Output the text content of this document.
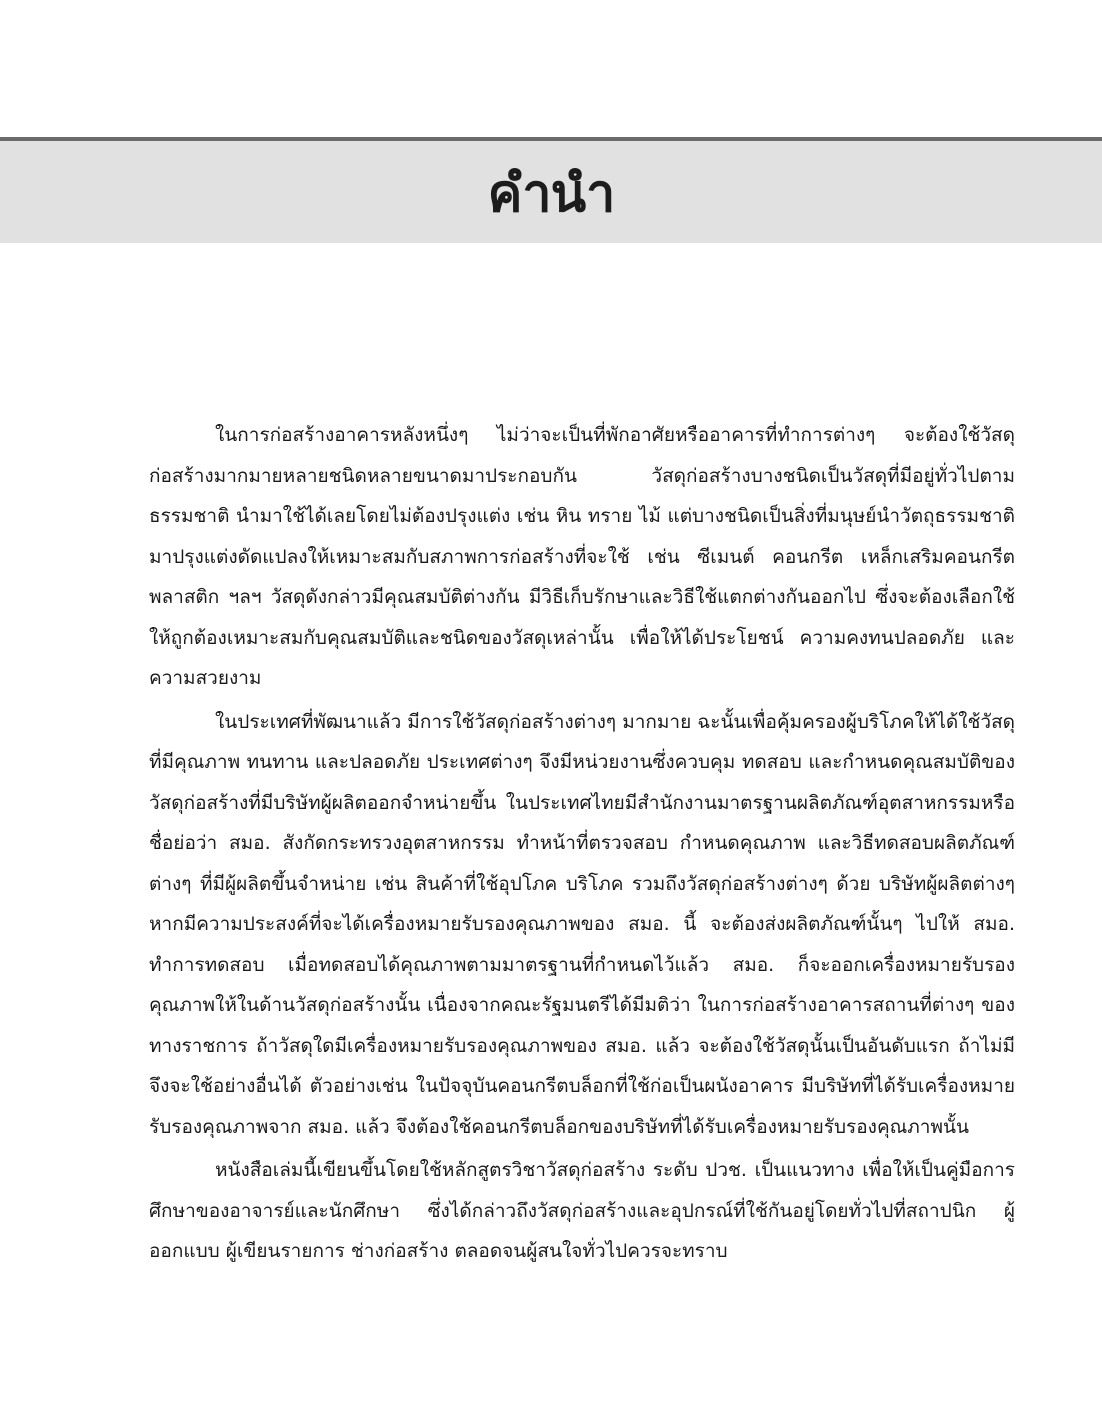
คำนำ

ในการก่อสร้างอาคารหลังหนึ่งๆ ไม่ว่าจะเป็นที่พักอาศัยหรืออาคารที่ทำการต่างๆ จะต้องใช้วัสดุก่อสร้างมากมายหลายชนิดหลายขนาดมาประกอบกัน วัสดุก่อสร้างบางชนิดเป็นวัสดุที่มีอยู่ทั่วไปตามธรรมชาติ นำมาใช้ได้เลยโดยไม่ต้องปรุงแต่ง เช่น หิน ทราย ไม้ แต่บางชนิดเป็นสิ่งที่มนุษย์นำวัตถุธรรมชาติมาปรุงแต่งดัดแปลงให้เหมาะสมกับสภาพการก่อสร้างที่จะใช้ เช่น ซีเมนต์ คอนกรีต เหล็กเสริมคอนกรีต พลาสติก ฯลฯ วัสดุดังกล่าวมีคุณสมบัติต่างกัน มีวิธีเก็บรักษาและวิธีใช้แตกต่างกันออกไป ซึ่งจะต้องเลือกใช้ให้ถูกต้องเหมาะสมกับคุณสมบัติและชนิดของวัสดุเหล่านั้น เพื่อให้ได้ประโยชน์ ความคงทนปลอดภัย และความสวยงาม

ในประเทศที่พัฒนาแล้ว มีการใช้วัสดุก่อสร้างต่างๆ มากมาย ฉะนั้นเพื่อคุ้มครองผู้บริโภคให้ได้ใช้วัสดุที่มีคุณภาพ ทนทาน และปลอดภัย ประเทศต่างๆ จึงมีหน่วยงานซึ่งควบคุม ทดสอบ และกำหนดคุณสมบัติของวัสดุก่อสร้างที่มีบริษัทผู้ผลิตออกจำหน่ายขึ้น ในประเทศไทยมีสำนักงานมาตรฐานผลิตภัณฑ์อุตสาหกรรมหรือชื่อย่อว่า สมอ. สังกัดกระทรวงอุตสาหกรรม ทำหน้าที่ตรวจสอบ กำหนดคุณภาพ และวิธีทดสอบผลิตภัณฑ์ต่างๆ ที่มีผู้ผลิตขึ้นจำหน่าย เช่น สินค้าที่ใช้อุปโภค บริโภค รวมถึงวัสดุก่อสร้างต่างๆ ด้วย บริษัทผู้ผลิตต่างๆ หากมีความประสงค์ที่จะได้เครื่องหมายรับรองคุณภาพของ สมอ. นี้ จะต้องส่งผลิตภัณฑ์นั้นๆ ไปให้ สมอ. ทำการทดสอบ เมื่อทดสอบได้คุณภาพตามมาตรฐานที่กำหนดไว้แล้ว สมอ. ก็จะออกเครื่องหมายรับรองคุณภาพให้ในด้านวัสดุก่อสร้างนั้น เนื่องจากคณะรัฐมนตรีได้มีมติว่า ในการก่อสร้างอาคารสถานที่ต่างๆ ของทางราชการ ถ้าวัสดุใดมีเครื่องหมายรับรองคุณภาพของ สมอ. แล้ว จะต้องใช้วัสดุนั้นเป็นอันดับแรก ถ้าไม่มีจึงจะใช้อย่างอื่นได้ ตัวอย่างเช่น ในปัจจุบันคอนกรีตบล็อกที่ใช้ก่อเป็นผนังอาคาร มีบริษัทที่ได้รับเครื่องหมายรับรองคุณภาพจาก สมอ. แล้ว จึงต้องใช้คอนกรีตบล็อกของบริษัทที่ได้รับเครื่องหมายรับรองคุณภาพนั้น

หนังสือเล่มนี้เขียนขึ้นโดยใช้หลักสูตรวิชาวัสดุก่อสร้าง ระดับ ปวช. เป็นแนวทาง เพื่อให้เป็นคู่มือการศึกษาของอาจารย์และนักศึกษา ซึ่งได้กล่าวถึงวัสดุก่อสร้างและอุปกรณ์ที่ใช้กันอยู่โดยทั่วไปที่สถาปนิก ผู้ออกแบบ ผู้เขียนรายการ ช่างก่อสร้าง ตลอดจนผู้สนใจทั่วไปควรจะทราบ
